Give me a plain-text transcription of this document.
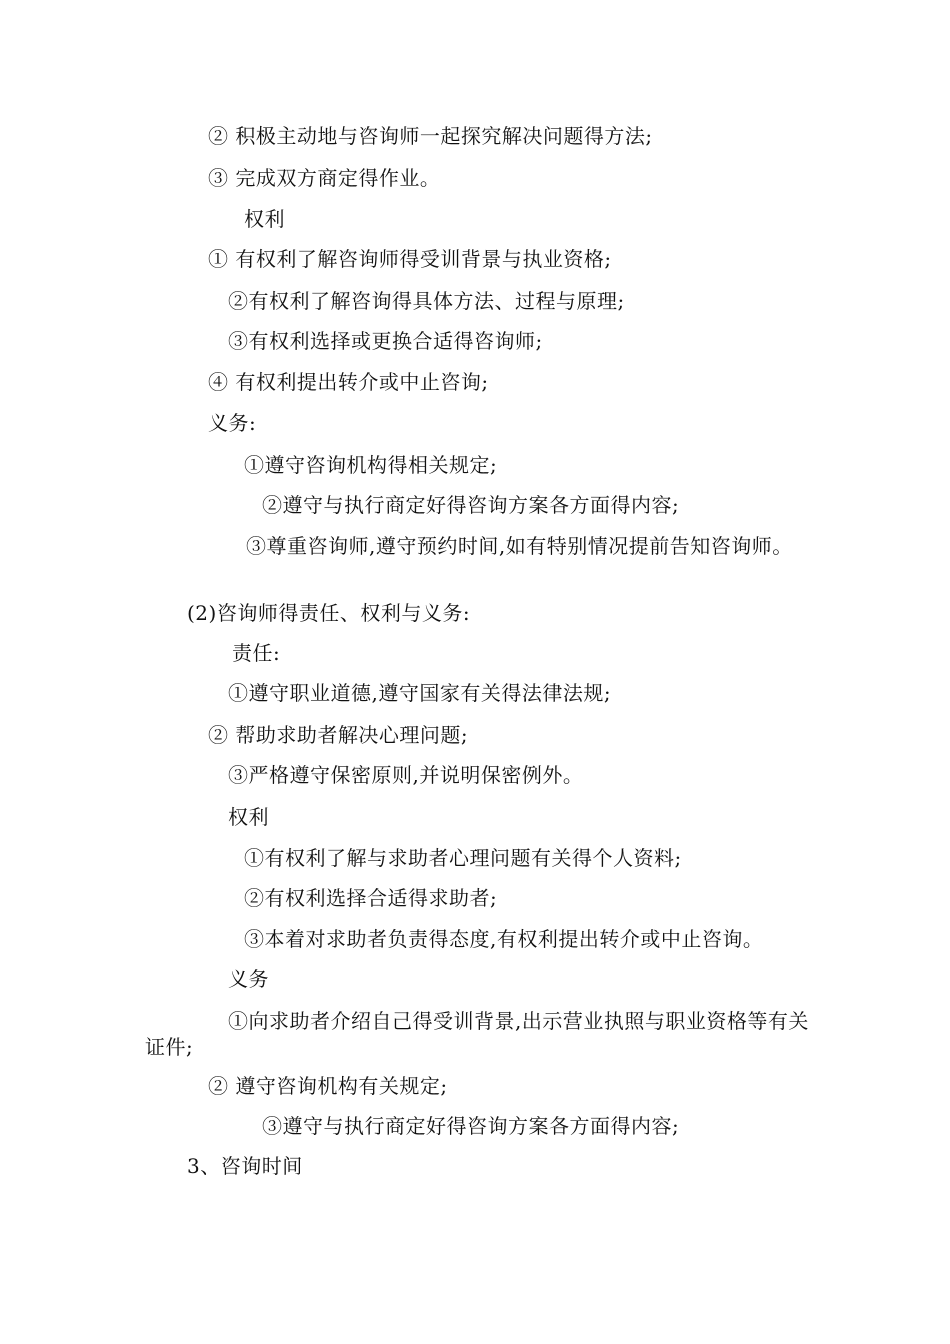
② 积极主动地与咨询师一起探究解决问题得方法;
③ 完成双方商定得作业。
权利
① 有权利了解咨询师得受训背景与执业资格;
②有权利了解咨询得具体方法、过程与原理;
③有权利选择或更换合适得咨询师;
④ 有权利提出转介或中止咨询;
义务:
①遵守咨询机构得相关规定;
②遵守与执行商定好得咨询方案各方面得内容;
③尊重咨询师,遵守预约时间,如有特别情况提前告知咨询师。
(2)咨询师得责任、权利与义务:
责任:
①遵守职业道德,遵守国家有关得法律法规;
② 帮助求助者解决心理问题;
③严格遵守保密原则,并说明保密例外。
权利
①有权利了解与求助者心理问题有关得个人资料;
②有权利选择合适得求助者;
③本着对求助者负责得态度,有权利提出转介或中止咨询。
义务
①向求助者介绍自己得受训背景,出示营业执照与职业资格等有关证件;
② 遵守咨询机构有关规定;
③遵守与执行商定好得咨询方案各方面得内容;
3、咨询时间
